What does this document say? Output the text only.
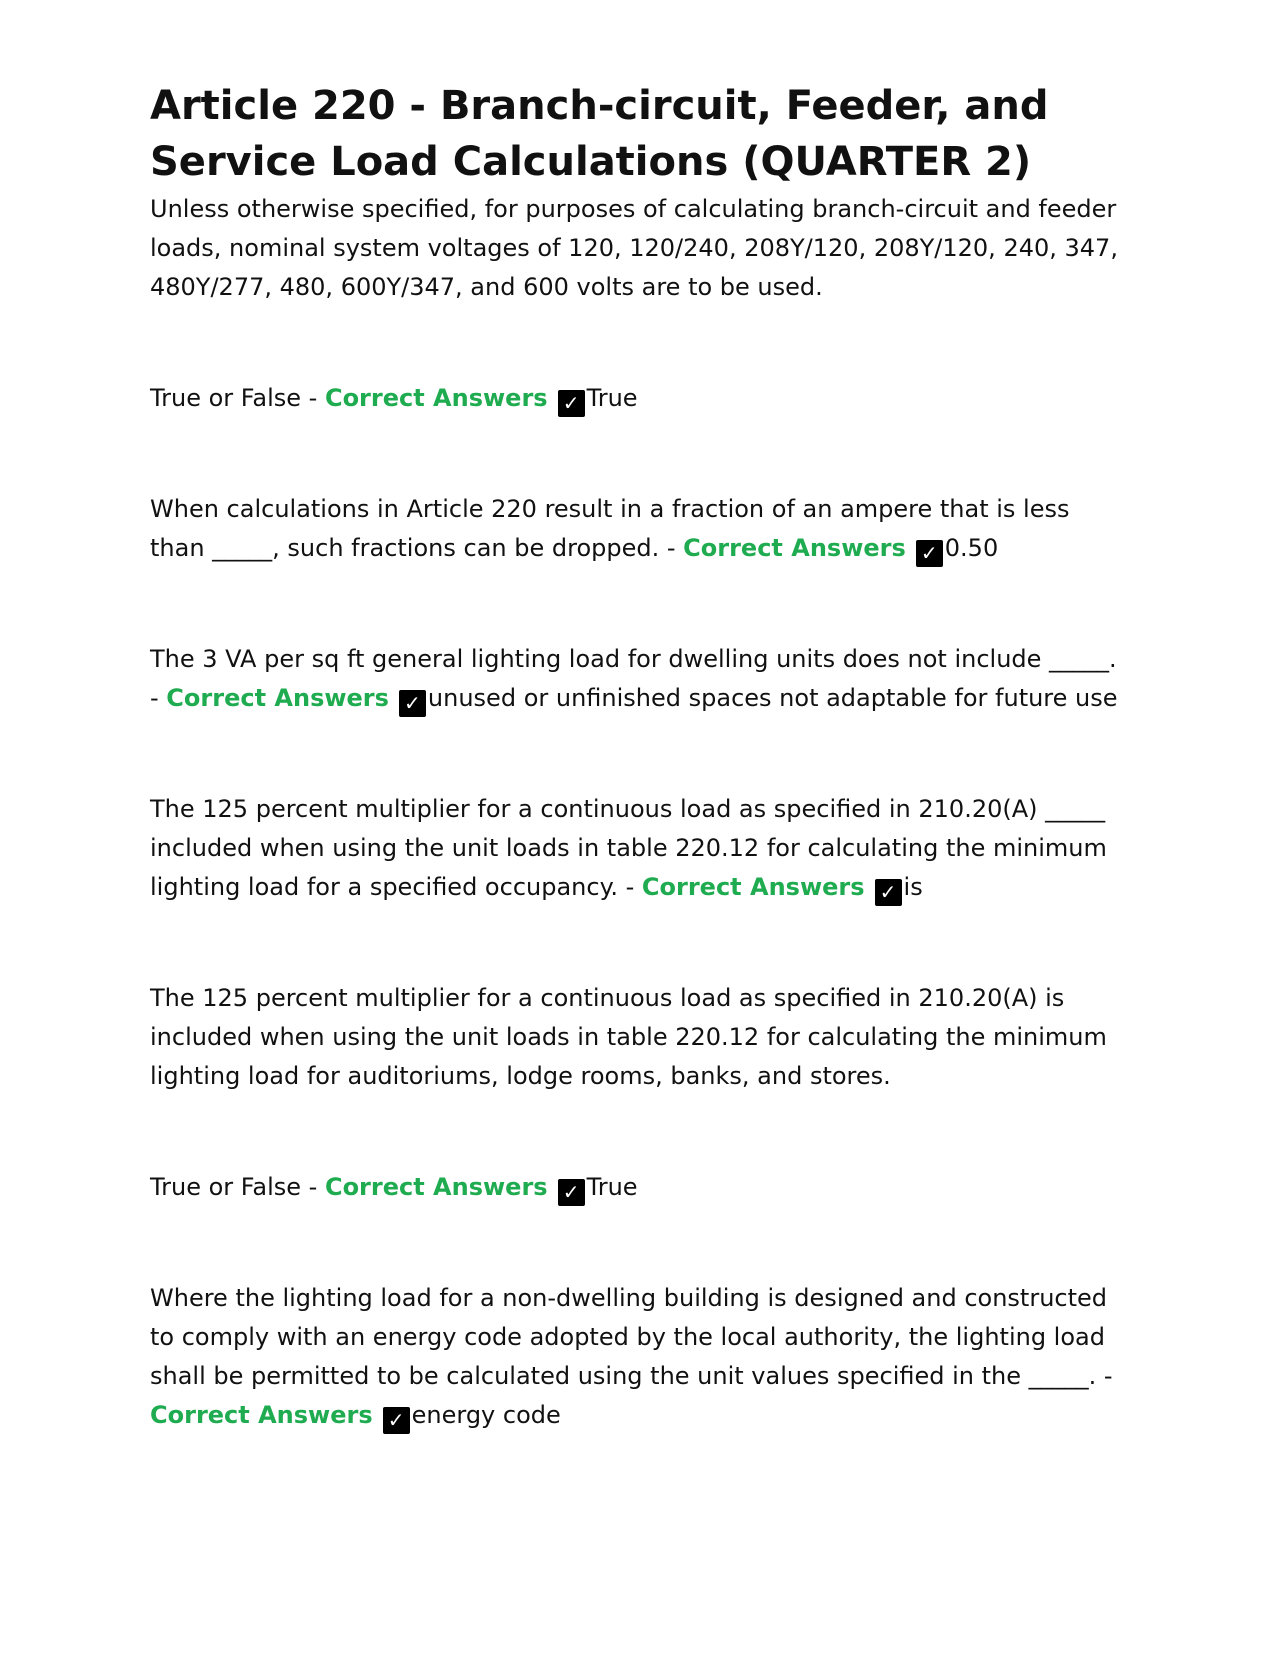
Article 220 - Branch-circuit, Feeder, and Service Load Calculations (QUARTER 2)

Unless otherwise specified, for purposes of calculating branch-circuit and feeder loads, nominal system voltages of 120, 120/240, 208Y/120, 208Y/120, 240, 347, 480Y/277, 480, 600Y/347, and 600 volts are to be used.

True or False - Correct Answers ✓ True

When calculations in Article 220 result in a fraction of an ampere that is less than _____, such fractions can be dropped. - Correct Answers ✓ 0.50

The 3 VA per sq ft general lighting load for dwelling units does not include _____. - Correct Answers ✓ unused or unfinished spaces not adaptable for future use

The 125 percent multiplier for a continuous load as specified in 210.20(A) _____ included when using the unit loads in table 220.12 for calculating the minimum lighting load for a specified occupancy. - Correct Answers ✓ is

The 125 percent multiplier for a continuous load as specified in 210.20(A) is included when using the unit loads in table 220.12 for calculating the minimum lighting load for auditoriums, lodge rooms, banks, and stores.

True or False - Correct Answers ✓ True

Where the lighting load for a non-dwelling building is designed and constructed to comply with an energy code adopted by the local authority, the lighting load shall be permitted to be calculated using the unit values specified in the _____. - Correct Answers ✓ energy code
